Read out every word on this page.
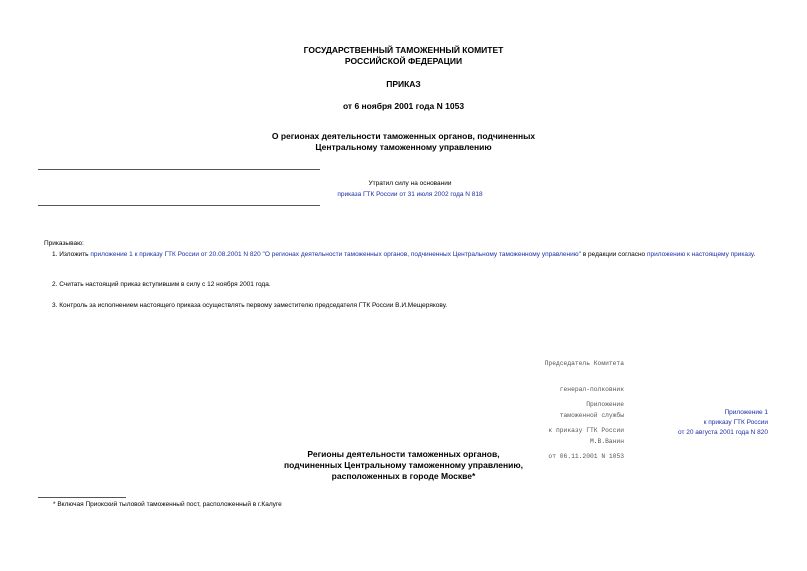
ГОСУДАРСТВЕННЫЙ ТАМОЖЕННЫЙ КОМИТЕТ
РОССИЙСКОЙ ФЕДЕРАЦИИ
ПРИКАЗ
от 6 ноября 2001 года N 1053
О регионах деятельности таможенных органов, подчиненных
Центральному таможенному управлению
Утратил силу на основании
приказа ГТК России от 31 июля 2002 года N 818
Приказываю:
1. Изложить приложение 1 к приказу ГТК России от 20.08.2001 N 820 "О регионах деятельности таможенных органов, подчиненных Центральному таможенному управлению" в редакции согласно приложению к настоящему приказу.
2. Считать настоящий приказ вступившим в силу с 12 ноября 2001 года.
3. Контроль за исполнением настоящего приказа осуществлять первому заместителю председателя ГТК России В.И.Мещерякову.

Председатель Комитета

генерал-полковник

таможенной службы

М.В.Ванин

Приложение

к приказу ГТК России

от 06.11.2001 N 1053

Приложение 1
к приказу ГТК России
от 20 августа 2001 года N 820
Регионы деятельности таможенных органов,
подчиненных Центральному таможенному управлению,
расположенных в городе Москве*
* Включая Приокский тыловой таможенный пост, расположенный в г.Калуге
